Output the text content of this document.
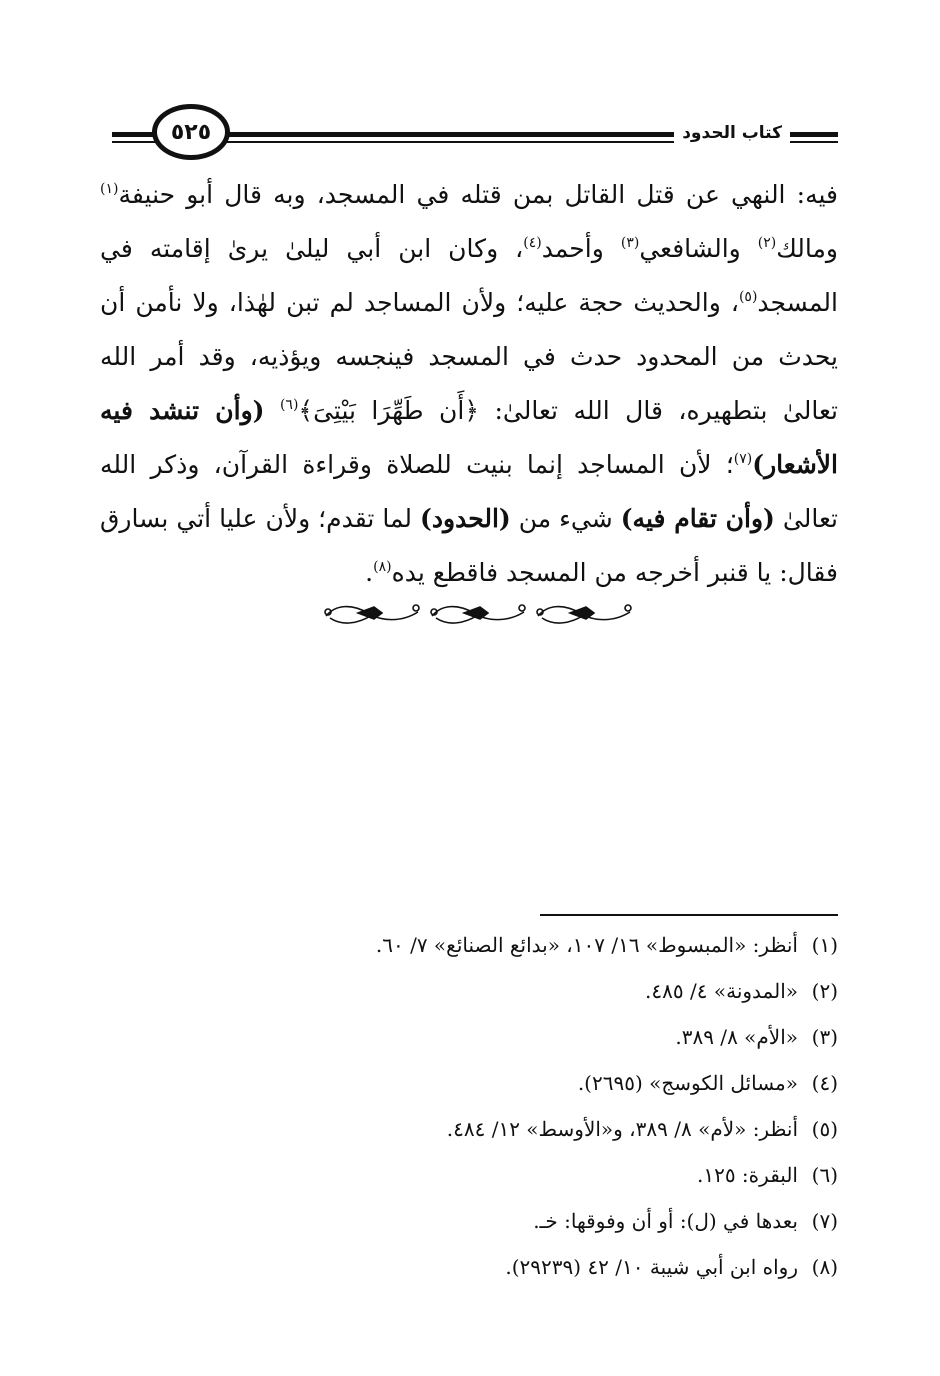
كتاب الحدود
٥٢٥

فيه: النهي عن قتل القاتل بمن قتله في المسجد، وبه قال أبو حنيفة$^{(١)}$ ومالك$^{(٢)}$ والشافعي$^{(٣)}$ وأحمد$^{(٤)}$، وكان ابن أبي ليلىٰ يرىٰ إقامته في المسجد$^{(٥)}$، والحديث حجة عليه؛ ولأن المساجد لم تبن لهٰذا، ولا نأمن أن يحدث من المحدود حدث في المسجد فينجسه ويؤذيه، وقد أمر الله تعالىٰ بتطهيره، قال الله تعالىٰ: ﴿أَن طَهِّرَا بَيْتِىَ﴾$^{(٦)}$ (وأن تنشد فيه الأشعار)$^{(٧)}$؛ لأن المساجد إنما بنيت للصلاة وقراءة القرآن، وذكر الله تعالىٰ (وأن تقام فيه) شيء من (الحدود) لما تقدم؛ ولأن عليا أتي بسارق فقال: يا قنبر أخرجه من المسجد فاقطع يده$^{(٨)}$.

(١)أنظر: «المبسوط» ١٦/ ١٠٧، «بدائع الصنائع» ٧/ ٦٠.
(٢)«المدونة» ٤/ ٤٨٥.
(٣)«الأم» ٨/ ٣٨٩.
(٤)«مسائل الكوسج» (٢٦٩٥).
(٥)أنظر: «لأم» ٨/ ٣٨٩، و«الأوسط» ١٢/ ٤٨٤.
(٦)البقرة: ١٢٥.
(٧)بعدها في (ل): أو أن وفوقها: خـ.
(٨)رواه ابن أبي شيبة ١٠/ ٤٢ (٢٩٢٣٩).
